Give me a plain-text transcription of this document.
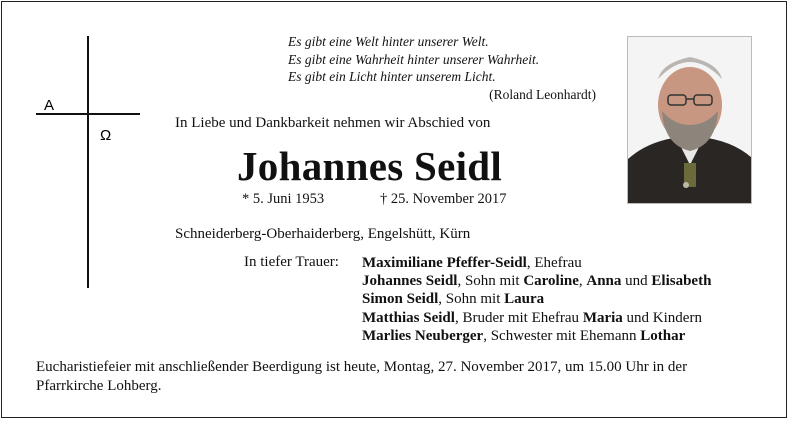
A
Ω
Es gibt eine Welt hinter unserer Welt.
Es gibt eine Wahrheit hinter unserer Wahrheit.
Es gibt ein Licht hinter unserem Licht.
(Roland Leonhardt)
In Liebe und Dankbarkeit nehmen wir Abschied von
Johannes Seidl
* 5. Juni 1953	† 25. November 2017
Schneiderberg-Oberhaiderberg, Engelshütt, Kürn
In tiefer Trauer: Maximiliane Pfeffer-Seidl, Ehefrau
Johannes Seidl, Sohn mit Caroline, Anna und Elisabeth
Simon Seidl, Sohn mit Laura
Matthias Seidl, Bruder mit Ehefrau Maria und Kindern
Marlies Neuberger, Schwester mit Ehemann Lothar
Eucharistiefeier mit anschließender Beerdigung ist heute, Montag, 27. November 2017, um 15.00 Uhr in der Pfarrkirche Lohberg.
